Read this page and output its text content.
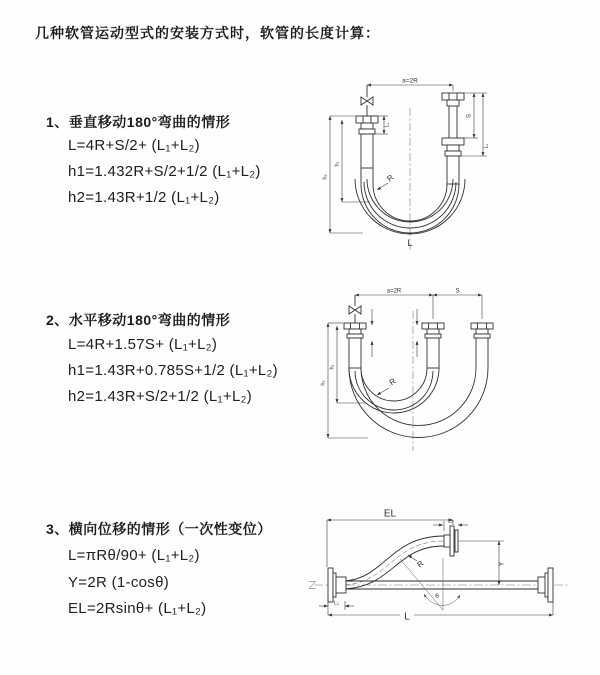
几种软管运动型式的安装方式时，软管的长度计算：
1、垂直移动180°弯曲的情形
L=4R+S/2+ (L₁+L₂)
h1=1.432R+S/2+1/2 (L₁+L₂)
h2=1.43R+1/2 (L₁+L₂)
2、水平移动180°弯曲的情形
L=4R+1.57S+ (L₁+L₂)
h1=1.43R+0.785S+1/2 (L₁+L₂)
h2=1.43R+S/2+1/2 (L₁+L₂)
3、横向位移的情形（一次性变位）
L=πRθ/90+ (L₁+L₂)
Y=2R (1-cosθ)
EL=2Rsinθ+ (L₁+L₂)
a=2R
R
L
h₂
h₁
L₁
S
L₂
a=2R	S
h₂
h₁
R
EL
L₂
θ
Y
L
L₁
R
